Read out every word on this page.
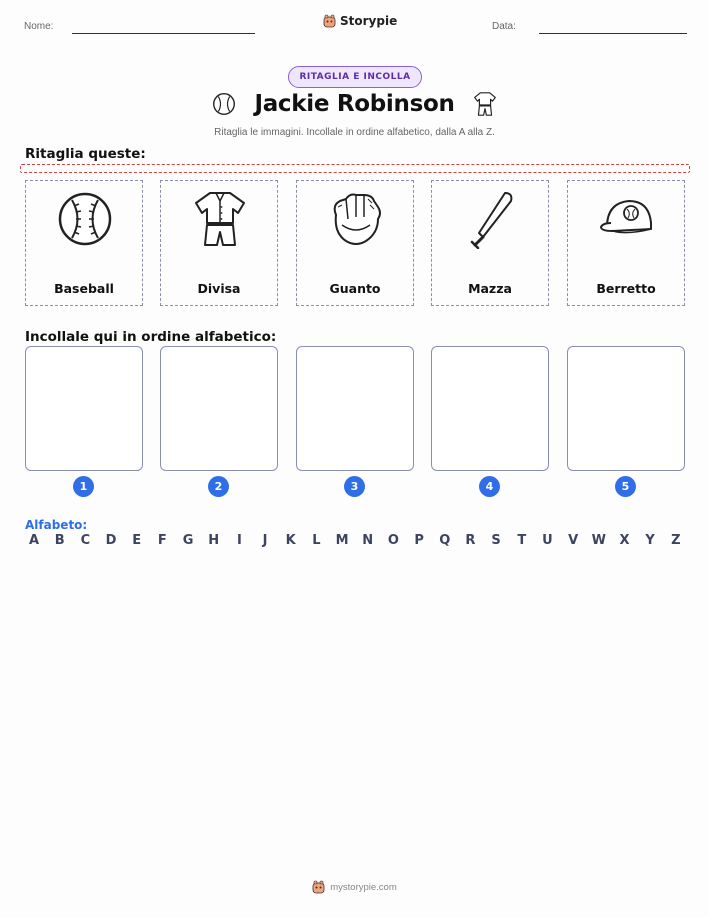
Nome:	Storypie	Data:
RITAGLIA E INCOLLA
Jackie Robinson
Ritaglia le immagini. Incollale in ordine alfabetico, dalla A alla Z.
Ritaglia queste:
Baseball	Divisa	Guanto	Mazza	Berretto
Incollale qui in ordine alfabetico:
1	2	3	4	5
Alfabeto:
A	B	C	D	E	F	G H	I	J	K	L	M N O	P	Q	R	S	T	U	V	W	X	Y	Z
mystorypie.com
